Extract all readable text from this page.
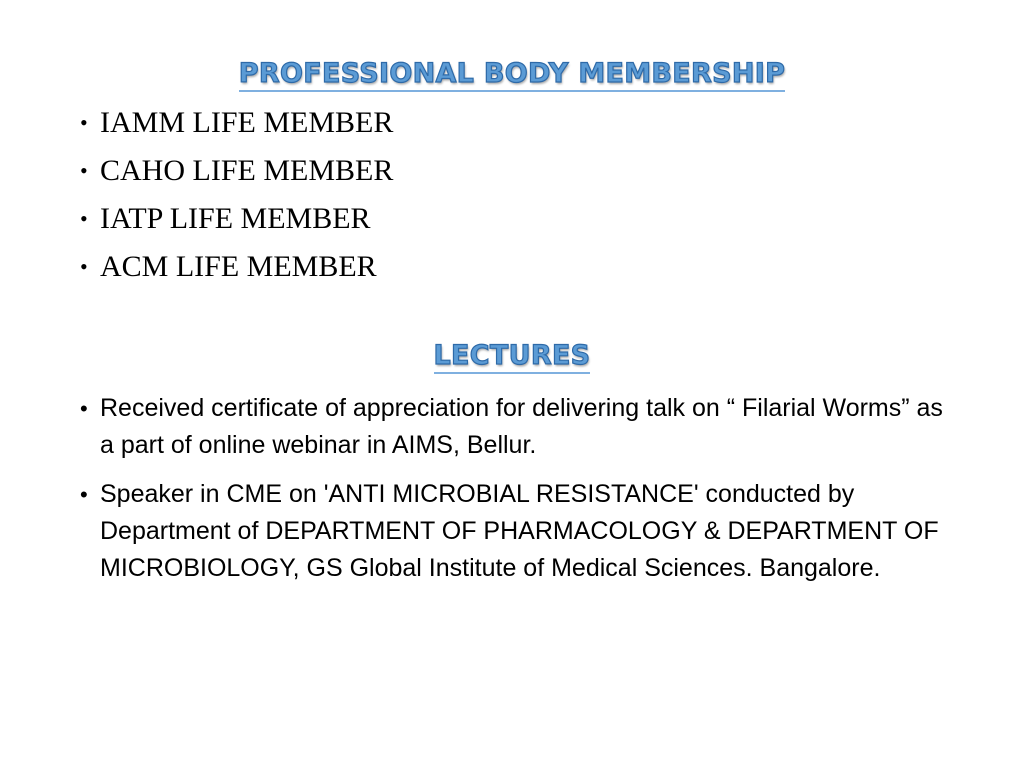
PROFESSIONAL BODY MEMBERSHIP
• IAMM LIFE MEMBER
• CAHO LIFE MEMBER
• IATP LIFE MEMBER
• ACM LIFE MEMBER
LECTURES
• Received certificate of appreciation for delivering talk on “ Filarial Worms” as a part of online webinar in AIMS, Bellur.
• Speaker in CME on 'ANTI MICROBIAL RESISTANCE' conducted by Department of DEPARTMENT OF PHARMACOLOGY & DEPARTMENT OF MICROBIOLOGY, GS Global Institute of Medical Sciences. Bangalore.
